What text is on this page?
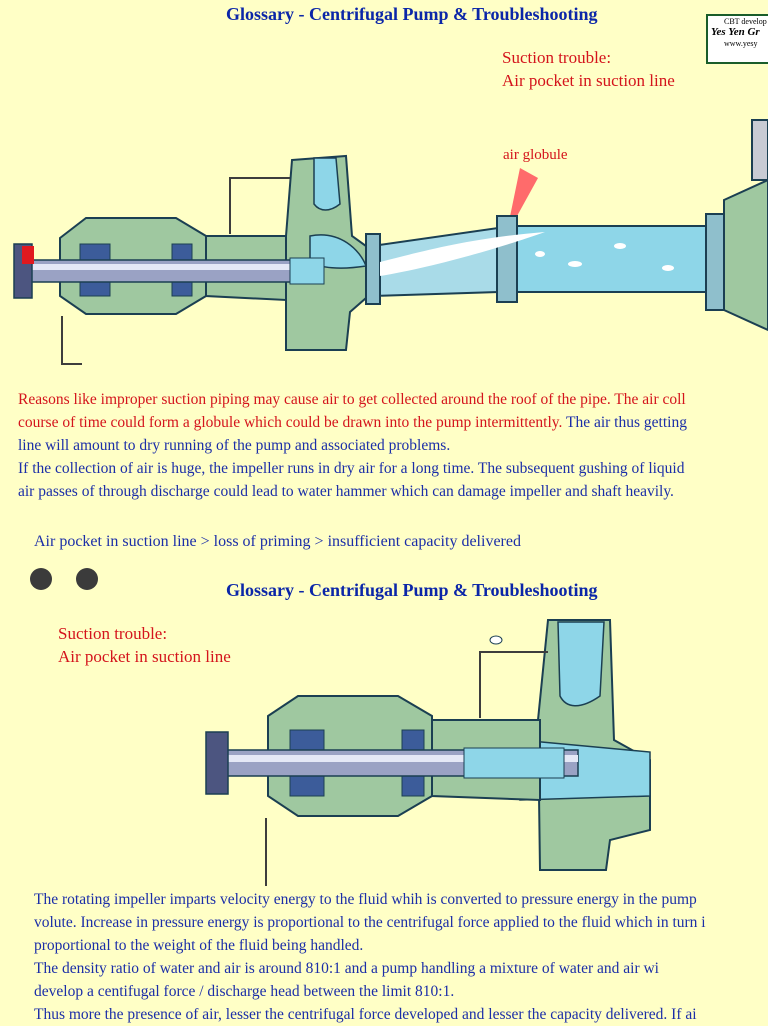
Glossary - Centrifugal Pump & Troubleshooting	CBT develop
Yes Yen Gr
www.yesy
Suction trouble:
Air pocket in suction line
air globule

Reasons like improper suction piping may cause air to get collected around the roof of the pipe. The air coll

course of time could form a globule which could be drawn into the pump intermittently. The air thus getting

line will amount to dry running of the pump and associated problems.

If the collection of air is huge, the impeller runs in dry air for a long time. The subsequent gushing of liquid

air passes of through discharge could lead to water hammer which can damage impeller and shaft heavily.

Air pocket in suction line > loss of priming > insufficient capacity delivered
Glossary - Centrifugal Pump & Troubleshooting
Suction trouble:
Air pocket in suction line

The rotating impeller imparts velocity energy to the fluid whih is converted to pressure energy in the pump

volute. Increase in pressure energy is proportional to the centrifugal force applied to the fluid which in turn i

proportional to the weight of the fluid being handled.

The density ratio of water and air is around 810:1 and a pump handling a mixture of water and air wi

develop a centifugal force / discharge head between the limit 810:1.

Thus more the presence of air, lesser the centrifugal force developed and lesser the capacity delivered. If ai
